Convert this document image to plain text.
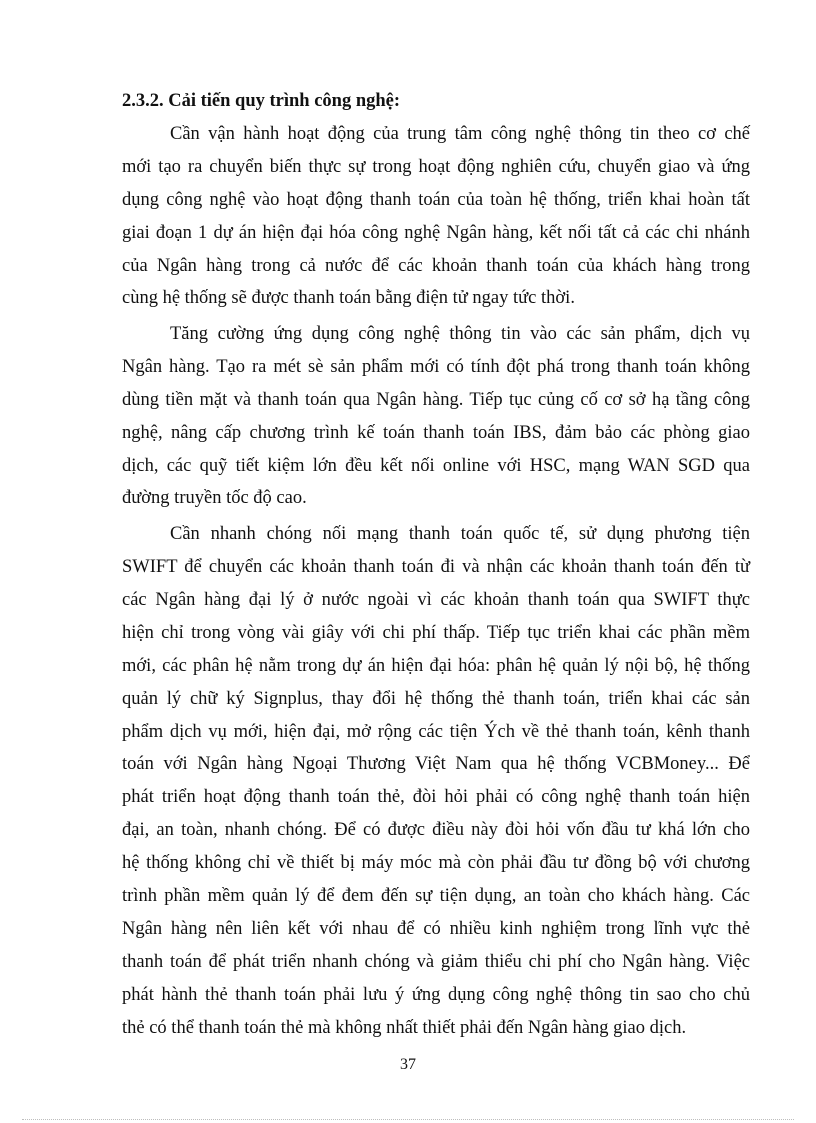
2.3.2. Cải tiến quy trình công nghệ:

Cần vận hành hoạt động của trung tâm công nghệ thông tin theo cơ chế

mới tạo ra chuyển biến thực sự trong hoạt động nghiên cứu, chuyển giao và ứng

dụng công nghệ vào hoạt động thanh toán của toàn hệ thống, triển khai hoàn tất

giai đoạn 1 dự án hiện đại hóa công nghệ Ngân hàng, kết nối tất cả các chi nhánh

của Ngân hàng trong cả nước để các khoản thanh toán của khách hàng trong

cùng hệ thống sẽ được thanh toán bằng điện tử ngay tức thời.

Tăng cường ứng dụng công nghệ thông tin vào các sản phẩm, dịch vụ

Ngân hàng. Tạo ra mét sè sản phẩm mới có tính đột phá trong thanh toán không

dùng tiền mặt và thanh toán qua Ngân hàng. Tiếp tục củng cố cơ sở hạ tầng công

nghệ, nâng cấp chương trình kế toán thanh toán IBS, đảm bảo các phòng giao

dịch, các quỹ tiết kiệm lớn đều kết nối online với HSC, mạng WAN SGD qua

đường truyền tốc độ cao.

Cần nhanh chóng nối mạng thanh toán quốc tế, sử dụng phương tiện

SWIFT để chuyển các khoản thanh toán đi và nhận các khoản thanh toán đến từ

các Ngân hàng đại lý ở nước ngoài vì các khoản thanh toán qua SWIFT thực

hiện chỉ trong vòng vài giây với chi phí thấp. Tiếp tục triển khai các phần mềm

mới, các phân hệ nằm trong dự án hiện đại hóa: phân hệ quản lý nội bộ, hệ thống

quản lý chữ ký Signplus, thay đổi hệ thống thẻ thanh toán, triển khai các sản

phẩm dịch vụ mới, hiện đại, mở rộng các tiện Ých về thẻ thanh toán, kênh thanh

toán với Ngân hàng Ngoại Thương Việt Nam qua hệ thống VCBMoney... Để

phát triển hoạt động thanh toán thẻ, đòi hỏi phải có công nghệ thanh toán hiện

đại, an toàn, nhanh chóng. Để có được điều này đòi hỏi vốn đầu tư khá lớn cho

hệ thống không chỉ về thiết bị máy móc mà còn phải đầu tư đồng bộ với chương

trình phần mềm quản lý để đem đến sự tiện dụng, an toàn cho khách hàng. Các

Ngân hàng nên liên kết với nhau để có nhiều kinh nghiệm trong lĩnh vực thẻ

thanh toán để phát triển nhanh chóng và giảm thiểu chi phí cho Ngân hàng. Việc

phát hành thẻ thanh toán phải lưu ý ứng dụng công nghệ thông tin sao cho chủ

thẻ có thể thanh toán thẻ mà không nhất thiết phải đến Ngân hàng giao dịch.

37
